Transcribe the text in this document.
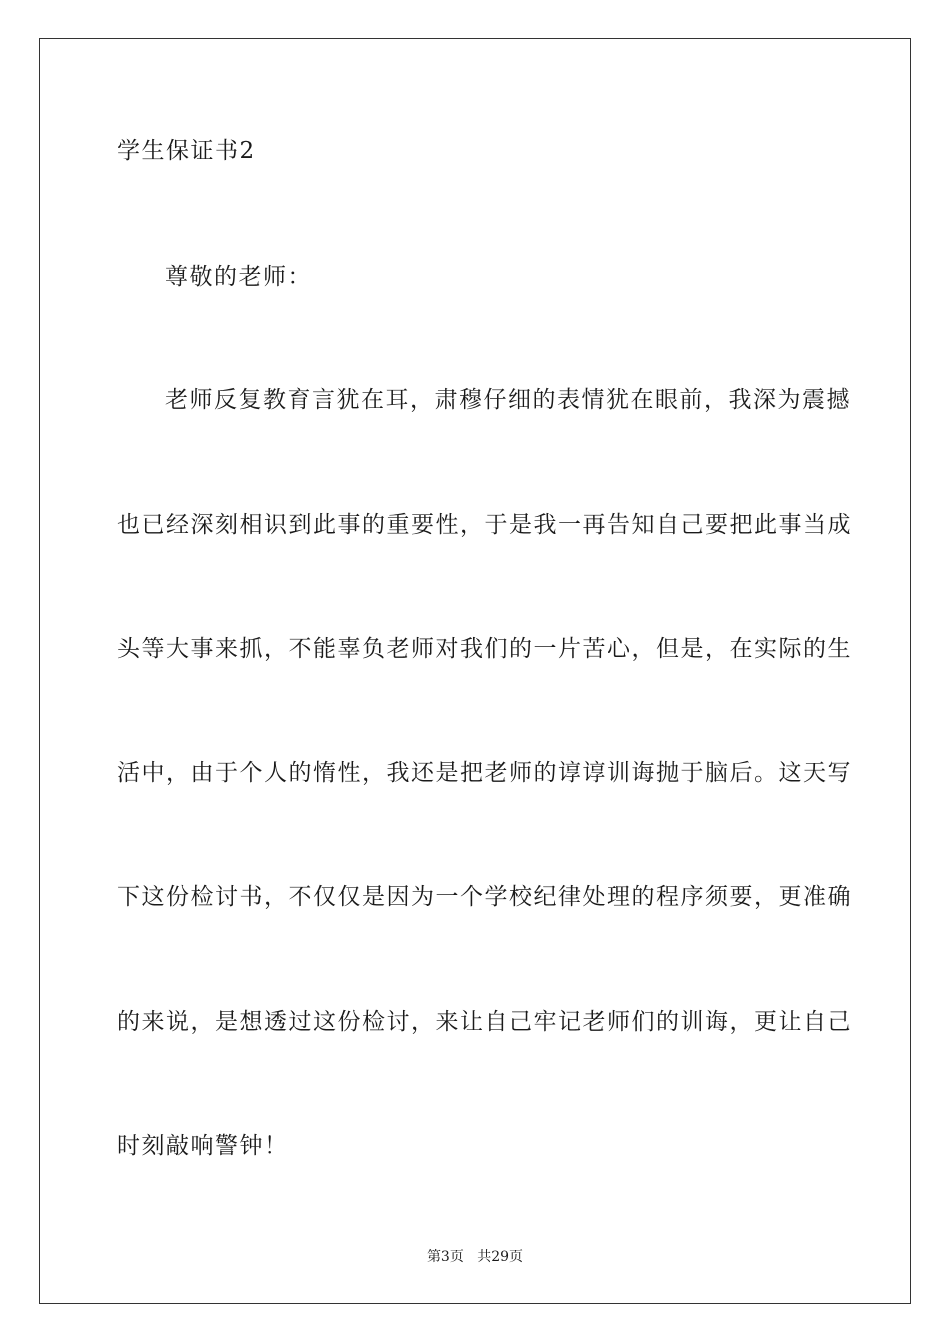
学生保证书2
尊敬的老师：
老师反复教育言犹在耳，肃穆仔细的表情犹在眼前，我深为震撼
也已经深刻相识到此事的重要性，于是我一再告知自己要把此事当成
头等大事来抓，不能辜负老师对我们的一片苦心，但是，在实际的生
活中，由于个人的惰性，我还是把老师的谆谆训诲抛于脑后。这天写
下这份检讨书，不仅仅是因为一个学校纪律处理的程序须要，更准确
的来说，是想透过这份检讨，来让自己牢记老师们的训诲，更让自己
时刻敲响警钟！
第3页 共29页
